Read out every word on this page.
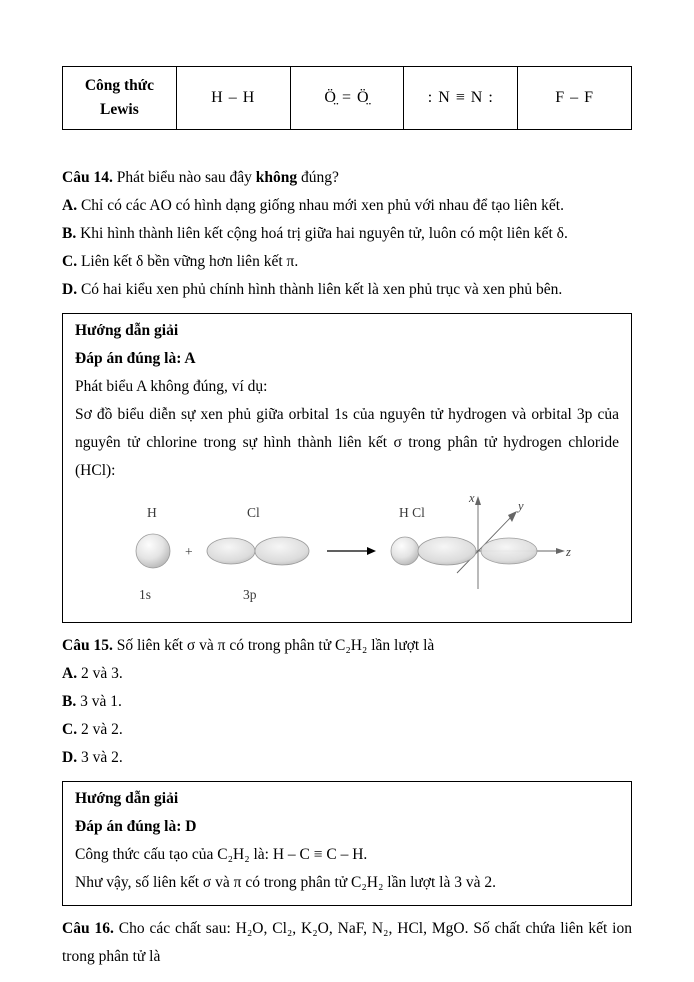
Công thức
Lewis
	H – H	Ö̤ = Ö̤	: N ≡ N :	F – F

Câu 14. Phát biểu nào sau đây không đúng?

A. Chỉ có các AO có hình dạng giống nhau mới xen phủ với nhau để tạo liên kết.

B. Khi hình thành liên kết cộng hoá trị giữa hai nguyên tử, luôn có một liên kết δ.

C. Liên kết δ bền vững hơn liên kết π.

D. Có hai kiểu xen phủ chính hình thành liên kết là xen phủ trục và xen phủ bên.

Hướng dẫn giải

Đáp án đúng là: A

Phát biểu A không đúng, ví dụ:

Sơ đồ biểu diễn sự xen phủ giữa orbital 1s của nguyên tử hydrogen và orbital 3p của nguyên tử chlorine trong sự hình thành liên kết σ trong phân tử hydrogen chloride (HCl):

H
+
1s
Cl
3p
H Cl
x
y
z

Câu 15. Số liên kết σ và π có trong phân tử C₂H₂ lần lượt là

A. 2 và 3.

B. 3 và 1.

C. 2 và 2.

D. 3 và 2.

Hướng dẫn giải

Đáp án đúng là: D

Công thức cấu tạo của C₂H₂ là: H – C ≡ C – H.

Như vậy, số liên kết σ và π có trong phân tử C₂H₂ lần lượt là 3 và 2.

Câu 16. Cho các chất sau: H₂O, Cl₂, K₂O, NaF, N₂, HCl, MgO. Số chất chứa liên kết ion trong phân tử là
